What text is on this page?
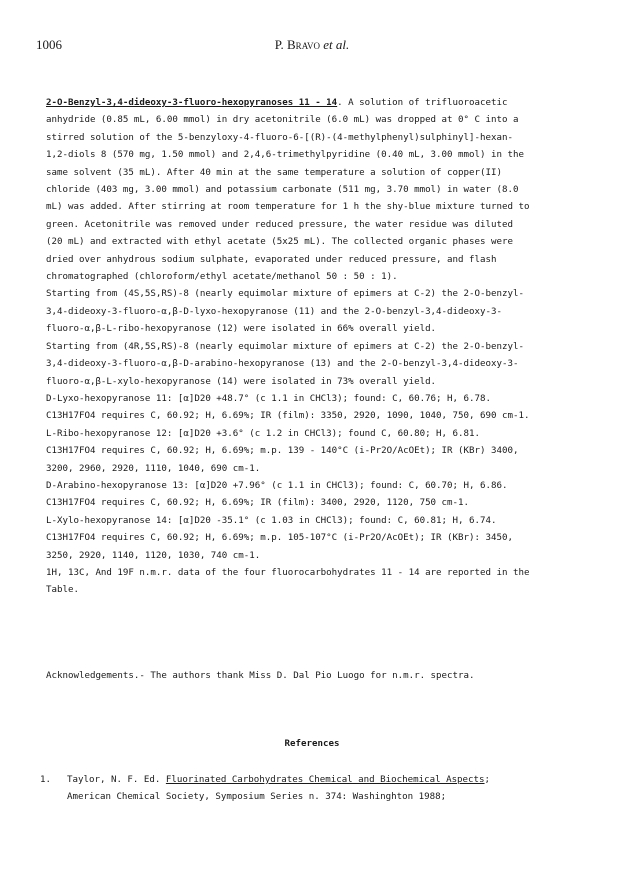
1006	P. Bravo et al.
2-O-Benzyl-3,4-dideoxy-3-fluoro-hexopyranoses 11 - 14. A solution of trifluoroacetic
anhydride (0.85 mL, 6.00 mmol) in dry acetonitrile (6.0 mL) was dropped at 0° C into a
stirred solution of the 5-benzyloxy-4-fluoro-6-[(R)-(4-methylphenyl)sulphinyl]-hexan-
1,2-diols 8 (570 mg, 1.50 mmol) and 2,4,6-trimethylpyridine (0.40 mL, 3.00 mmol) in the
same solvent (35 mL). After 40 min at the same temperature a solution of copper(II)
chloride (403 mg, 3.00 mmol) and potassium carbonate (511 mg, 3.70 mmol) in water (8.0
mL) was added. After stirring at room temperature for 1 h the shy-blue mixture turned to
green. Acetonitrile was removed under reduced pressure, the water residue was diluted
(20 mL) and extracted with ethyl acetate (5x25 mL). The collected organic phases were
dried over anhydrous sodium sulphate, evaporated under reduced pressure, and flash
chromatographed (chloroform/ethyl acetate/methanol 50 : 50 : 1).
Starting from (4S,5S,RS)-8 (nearly equimolar mixture of epimers at C-2) the 2-O-benzyl-
3,4-dideoxy-3-fluoro-α,β-D-lyxo-hexopyranose (11) and the 2-O-benzyl-3,4-dideoxy-3-
fluoro-α,β-L-ribo-hexopyranose (12) were isolated in 66% overall yield.
Starting from (4R,5S,RS)-8 (nearly equimolar mixture of epimers at C-2) the 2-O-benzyl-
3,4-dideoxy-3-fluoro-α,β-D-arabino-hexopyranose (13) and the 2-O-benzyl-3,4-dideoxy-3-
fluoro-α,β-L-xylo-hexopyranose (14) were isolated in 73% overall yield.
D-Lyxo-hexopyranose 11: [α]D20 +48.7° (c 1.1 in CHCl3); found: C, 60.76; H, 6.78.
C13H17FO4 requires C, 60.92; H, 6.69%; IR (film): 3350, 2920, 1090, 1040, 750, 690 cm-1.
L-Ribo-hexopyranose 12: [α]D20 +3.6° (c 1.2 in CHCl3); found C, 60.80; H, 6.81.
C13H17FO4 requires C, 60.92; H, 6.69%; m.p. 139 - 140°C (i-Pr2O/AcOEt); IR (KBr) 3400,
3200, 2960, 2920, 1110, 1040, 690 cm-1.
D-Arabino-hexopyranose 13: [α]D20 +7.96° (c 1.1 in CHCl3); found: C, 60.70; H, 6.86.
C13H17FO4 requires C, 60.92; H, 6.69%; IR (film): 3400, 2920, 1120, 750 cm-1.
L-Xylo-hexopyranose 14: [α]D20 -35.1° (c 1.03 in CHCl3); found: C, 60.81; H, 6.74.
C13H17FO4 requires C, 60.92; H, 6.69%; m.p. 105-107°C (i-Pr2O/AcOEt); IR (KBr): 3450,
3250, 2920, 1140, 1120, 1030, 740 cm-1.
1H, 13C, And 19F n.m.r. data of the four fluorocarbohydrates 11 - 14 are reported in the
Table.
Acknowledgements.- The authors thank Miss D. Dal Pio Luogo for n.m.r. spectra.
References
1.	Taylor, N. F. Ed. Fluorinated Carbohydrates Chemical and Biochemical Aspects;
American Chemical Society, Symposium Series n. 374: Washinghton 1988;
